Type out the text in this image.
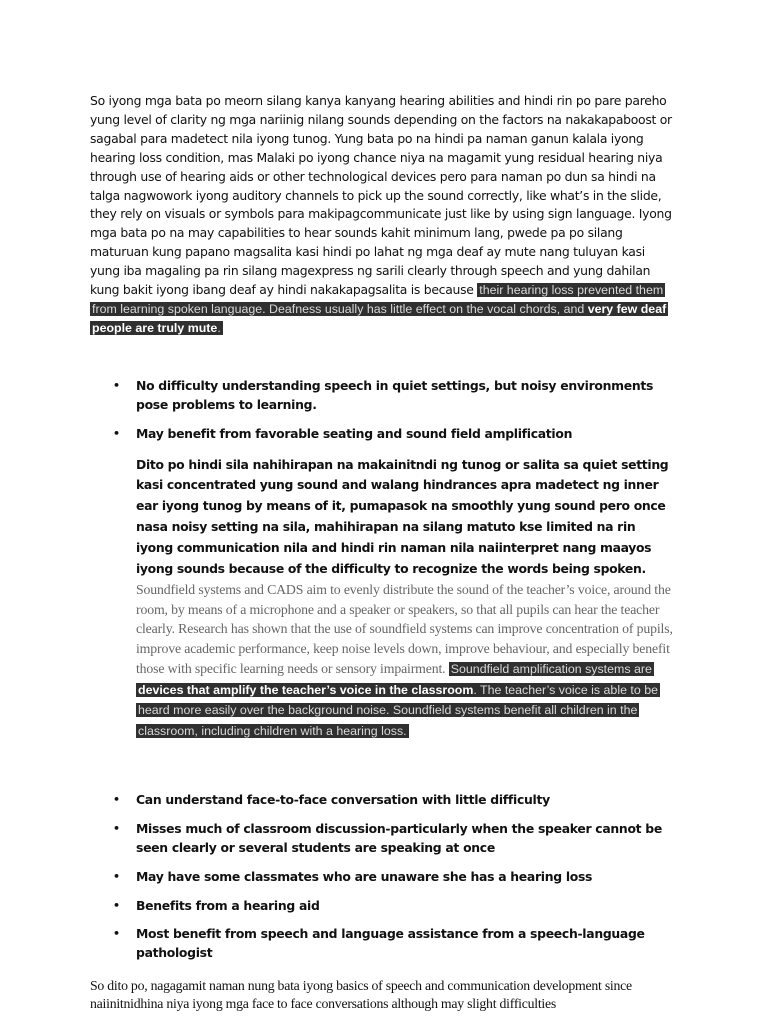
So iyong mga bata po meorn silang kanya kanyang hearing abilities and hindi rin po pare pareho yung level of clarity ng mga nariinig nilang sounds depending on the factors na nakakapaboost or sagabal para madetect nila iyong tunog. Yung bata po na hindi pa naman ganun kalala iyong hearing loss condition, mas Malaki po iyong chance niya na magamit yung residual hearing niya through use of hearing aids or other technological devices pero para naman po dun sa hindi na talga nagwowork iyong auditory channels to pick up the sound correctly, like what’s in the slide, they rely on visuals or symbols para makipagcommunicate just like by using sign language. Iyong mga bata po na may capabilities to hear sounds kahit minimum lang, pwede pa po silang maturuan kung papano magsalita kasi hindi po lahat ng mga deaf ay mute nang tuluyan kasi yung iba magaling pa rin silang magexpress ng sarili clearly through speech and yung dahilan kung bakit iyong ibang deaf ay hindi nakakapagsalita is because their hearing loss prevented them from learning spoken language. Deafness usually has little effect on the vocal chords, and very few deaf people are truly mute.

• No difficulty understanding speech in quiet settings, but noisy environments pose problems to learning.
• May benefit from favorable seating and sound field amplification
Dito po hindi sila nahihirapan na makainitndi ng tunog or salita sa quiet setting kasi concentrated yung sound and walang hindrances apra madetect ng inner ear iyong tunog by means of it, pumapasok na smoothly yung sound pero once nasa noisy setting na sila, mahihirapan na silang matuto kse limited na rin iyong communication nila and hindi rin naman nila naiinterpret nang maayos iyong sounds because of the difficulty to recognize the words being spoken. Soundfield systems and CADS aim to evenly distribute the sound of the teacher’s voice, around the room, by means of a microphone and a speaker or speakers, so that all pupils can hear the teacher clearly. Research has shown that the use of soundfield systems can improve concentration of pupils, improve academic performance, keep noise levels down, improve behaviour, and especially benefit those with specific learning needs or sensory impairment. Soundfield amplification systems are devices that amplify the teacher’s voice in the classroom. The teacher’s voice is able to be heard more easily over the background noise. Soundfield systems benefit all children in the classroom, including children with a hearing loss.
• Can understand face-to-face conversation with little difficulty
• Misses much of classroom discussion-particularly when the speaker cannot be seen clearly or several students are speaking at once
• May have some classmates who are unaware she has a hearing loss
• Benefits from a hearing aid
• Most benefit from speech and language assistance from a speech-language pathologist

So dito po, nagagamit naman nung bata iyong basics of speech and communication development since naiinitnidhina niya iyong mga face to face conversations although may slight difficulties
